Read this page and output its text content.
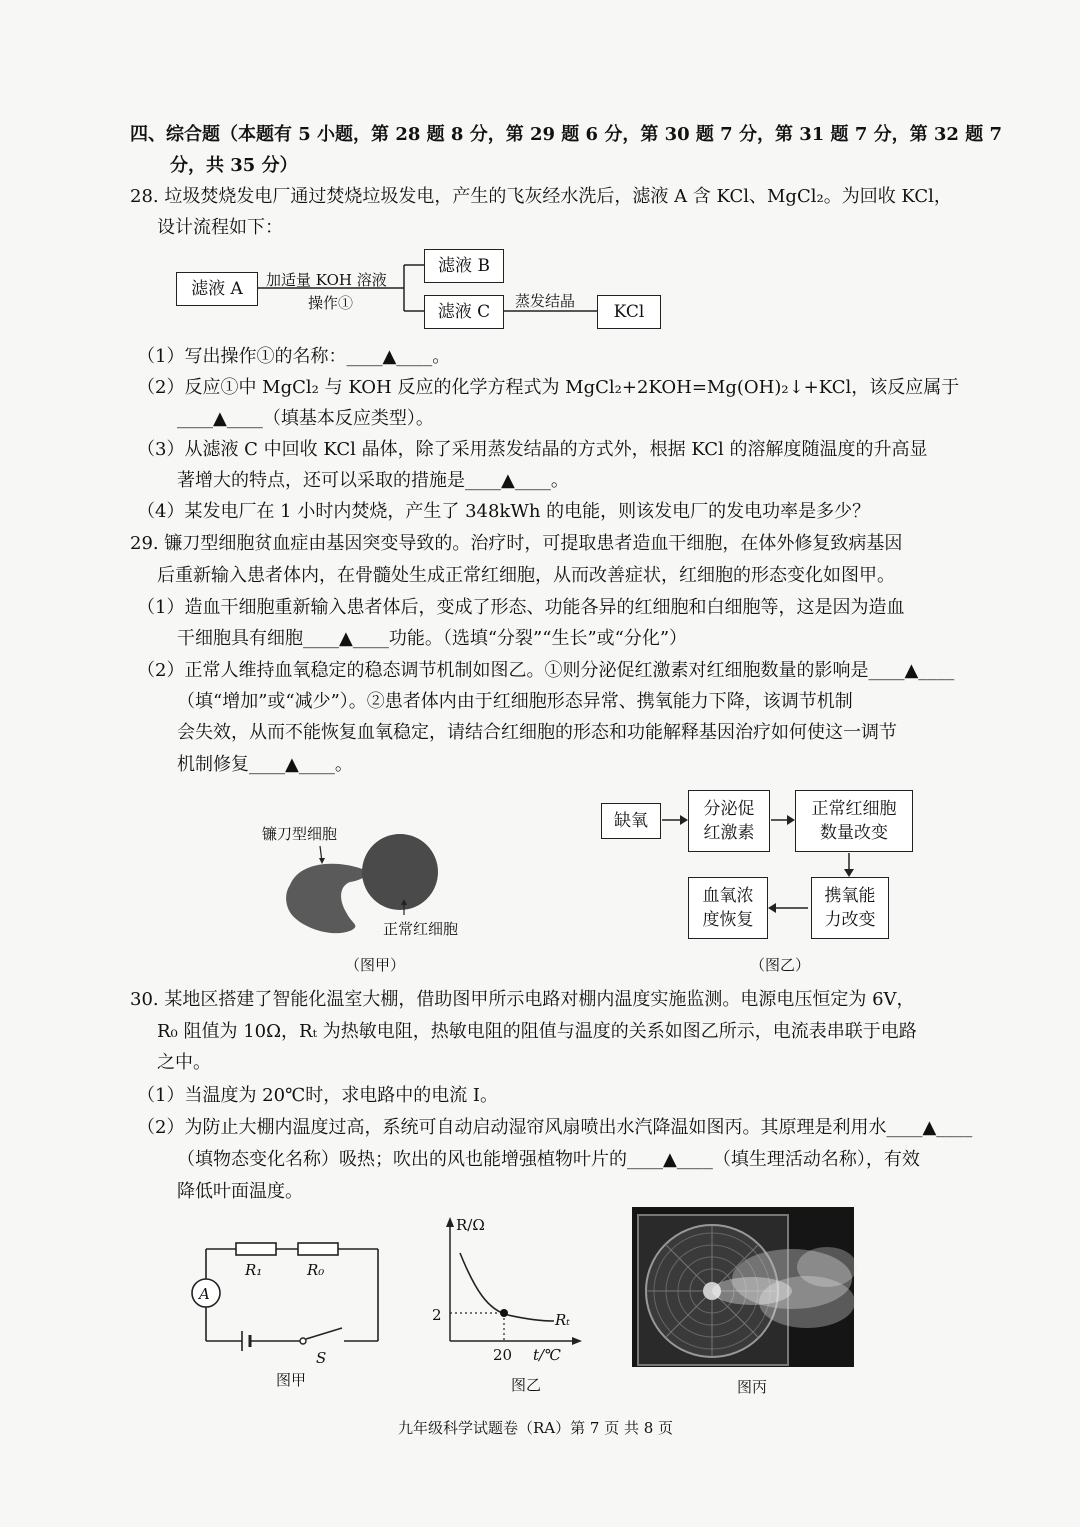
四、综合题（本题有 5 小题，第 28 题 8 分，第 29 题 6 分，第 30 题 7 分，第 31 题 7 分，第 32 题 7
分，共 35 分）
28. 垃圾焚烧发电厂通过焚烧垃圾发电，产生的飞灰经水洗后，滤液 A 含 KCl、MgCl₂。为回收 KCl，
设计流程如下：
滤液 A	加适量 KOH 溶液
操作①
滤液 B
滤液 C
蒸发结晶
KCl
（1）写出操作①的名称：____▲____。
（2）反应①中 MgCl₂ 与 KOH 反应的化学方程式为 MgCl₂+2KOH=Mg(OH)₂↓+KCl，该反应属于
____▲____（填基本反应类型）。
（3）从滤液 C 中回收 KCl 晶体，除了采用蒸发结晶的方式外，根据 KCl 的溶解度随温度的升高显
著增大的特点，还可以采取的措施是____▲____。
（4）某发电厂在 1 小时内焚烧，产生了 348kWh 的电能，则该发电厂的发电功率是多少？
29. 镰刀型细胞贫血症由基因突变导致的。治疗时，可提取患者造血干细胞，在体外修复致病基因
后重新输入患者体内，在骨髓处生成正常红细胞，从而改善症状，红细胞的形态变化如图甲。
（1）造血干细胞重新输入患者体后，变成了形态、功能各异的红细胞和白细胞等，这是因为造血
干细胞具有细胞____▲____功能。（选填“分裂”“生长”或“分化”）
（2）正常人维持血氧稳定的稳态调节机制如图乙。①则分泌促红激素对红细胞数量的影响是____▲____
（填“增加”或“减少”）。②患者体内由于红细胞形态异常、携氧能力下降，该调节机制
会失效，从而不能恢复血氧稳定，请结合红细胞的形态和功能解释基因治疗如何使这一调节
机制修复____▲____。
镰刀型细胞
正常红细胞
（图甲）
缺氧
分泌促
红激素
正常红细胞
数量改变
携氧能
力改变
血氧浓
度恢复
（图乙）
30. 某地区搭建了智能化温室大棚，借助图甲所示电路对棚内温度实施监测。电源电压恒定为 6V，
R₀ 阻值为 10Ω，Rₜ 为热敏电阻，热敏电阻的阻值与温度的关系如图乙所示，电流表串联于电路
之中。
（1）当温度为 20℃时，求电路中的电流 I。
（2）为防止大棚内温度过高，系统可自动启动湿帘风扇喷出水汽降温如图丙。其原理是利用水____▲____
（填物态变化名称）吸热；吹出的风也能增强植物叶片的____▲____（填生理活动名称），有效
降低叶面温度。
A
R₁	R₀
S
图甲
R/Ω
2	Rₜ
20 t/℃
图乙	图丙
九年级科学试题卷（RA）第 7 页 共 8 页
